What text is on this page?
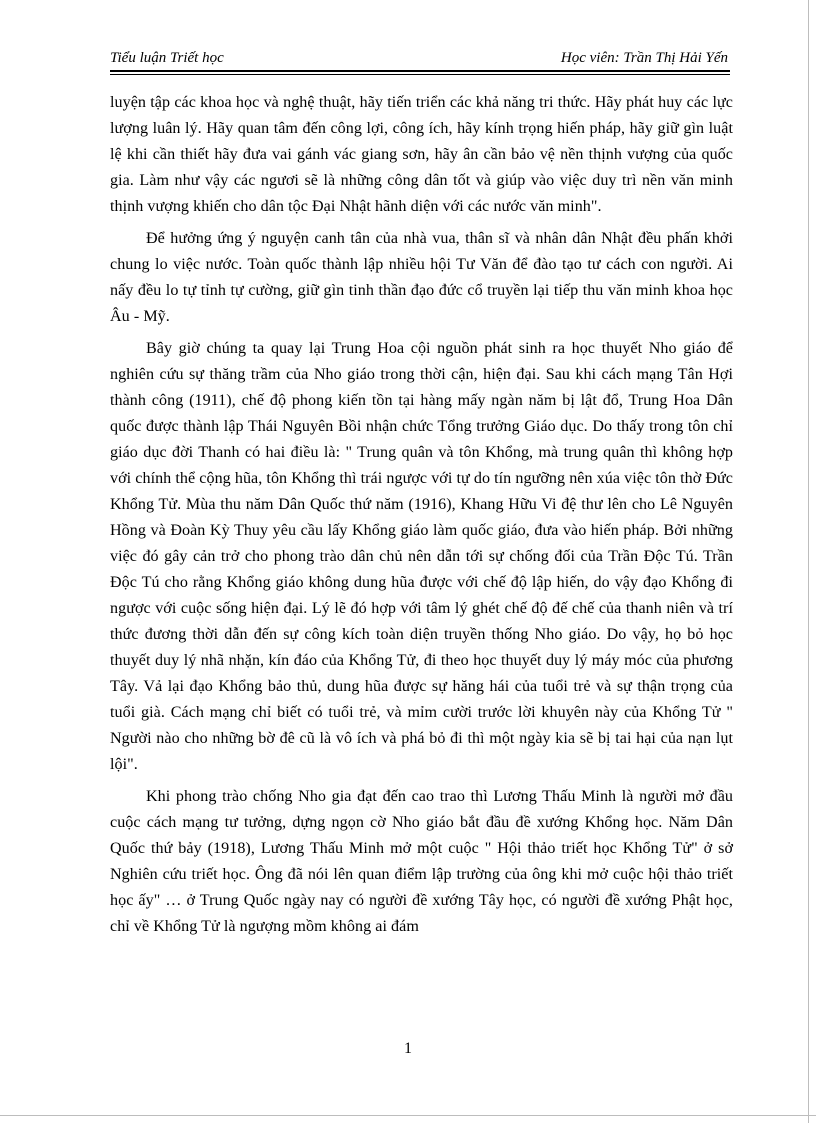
Tiểu luận Triết học	Học viên: Trần Thị Hải Yến

luyện tập các khoa học và nghệ thuật, hãy tiến triển các khả năng tri thức. Hãy phát huy các lực lượng luân lý. Hãy quan tâm đến công lợi, công ích, hãy kính trọng hiến pháp, hãy giữ gìn luật lệ khi cần thiết hãy đưa vai gánh vác giang sơn, hãy ân cần bảo vệ nền thịnh vượng của quốc gia. Làm như vậy các ngươi sẽ là những công dân tốt và giúp vào việc duy trì nền văn minh thịnh vượng khiến cho dân tộc Đại Nhật hãnh diện với các nước văn minh".

Để hưởng ứng ý nguyện canh tân của nhà vua, thân sĩ và nhân dân Nhật đều phấn khởi chung lo việc nước. Toàn quốc thành lập nhiều hội Tư Văn để đào tạo tư cách con người. Ai nấy đều lo tự tỉnh tự cường, giữ gìn tinh thần đạo đức cổ truyền lại tiếp thu văn minh khoa học Âu - Mỹ.

Bây giờ chúng ta quay lại Trung Hoa cội nguồn phát sinh ra học thuyết Nho giáo để nghiên cứu sự thăng trầm của Nho giáo trong thời cận, hiện đại. Sau khi cách mạng Tân Hợi thành công (1911), chế độ phong kiến tồn tại hàng mấy ngàn năm bị lật đổ, Trung Hoa Dân quốc được thành lập Thái Nguyên Bồi nhận chức Tổng trưởng Giáo dục. Do thấy trong tôn chỉ giáo dục đời Thanh có hai điều là: " Trung quân và tôn Khổng, mà trung quân thì không hợp với chính thể cộng hũa, tôn Khổng thì trái ngược với tự do tín ngưỡng nên xúa việc tôn thờ Đức Khổng Tử. Mùa thu năm Dân Quốc thứ năm (1916), Khang Hữu Vi đệ thư lên cho Lê Nguyên Hồng và Đoàn Kỳ Thuy yêu cầu lấy Khổng giáo làm quốc giáo, đưa vào hiến pháp. Bởi những việc đó gây cản trở cho phong trào dân chủ nên dẫn tới sự chống đối của Trần Độc Tú. Trần Độc Tú cho rằng Khổng giáo không dung hũa được với chế độ lập hiến, do vậy đạo Khổng đi ngược với cuộc sống hiện đại. Lý lẽ đó hợp với tâm lý ghét chế độ đế chế của thanh niên và trí thức đương thời dẫn đến sự công kích toàn diện truyền thống Nho giáo. Do vậy, họ bỏ học thuyết duy lý nhã nhặn, kín đáo của Khổng Tử, đi theo học thuyết duy lý máy móc của phương Tây. Vả lại đạo Khổng bảo thủ, dung hũa được sự hăng hái của tuổi trẻ và sự thận trọng của tuổi già. Cách mạng chỉ biết có tuổi trẻ, và mỉm cười trước lời khuyên này của Khổng Tử " Người nào cho những bờ đê cũ là vô ích và phá bỏ đi thì một ngày kia sẽ bị tai hại của nạn lụt lội".

Khi phong trào chống Nho gia đạt đến cao trao thì Lương Thấu Minh là người mở đầu cuộc cách mạng tư tưởng, dựng ngọn cờ Nho giáo bắt đầu đề xướng Khổng học. Năm Dân Quốc thứ bảy (1918), Lương Thấu Minh mở một cuộc " Hội thảo triết học Khổng Tử" ở sở Nghiên cứu triết học. Ông đã nói lên quan điểm lập trường của ông khi mở cuộc hội thảo triết học ấy" … ở Trung Quốc ngày nay có người đề xướng Tây học, có người đề xướng Phật học, chỉ về Khổng Tử là ngượng mồm không ai đám

1
